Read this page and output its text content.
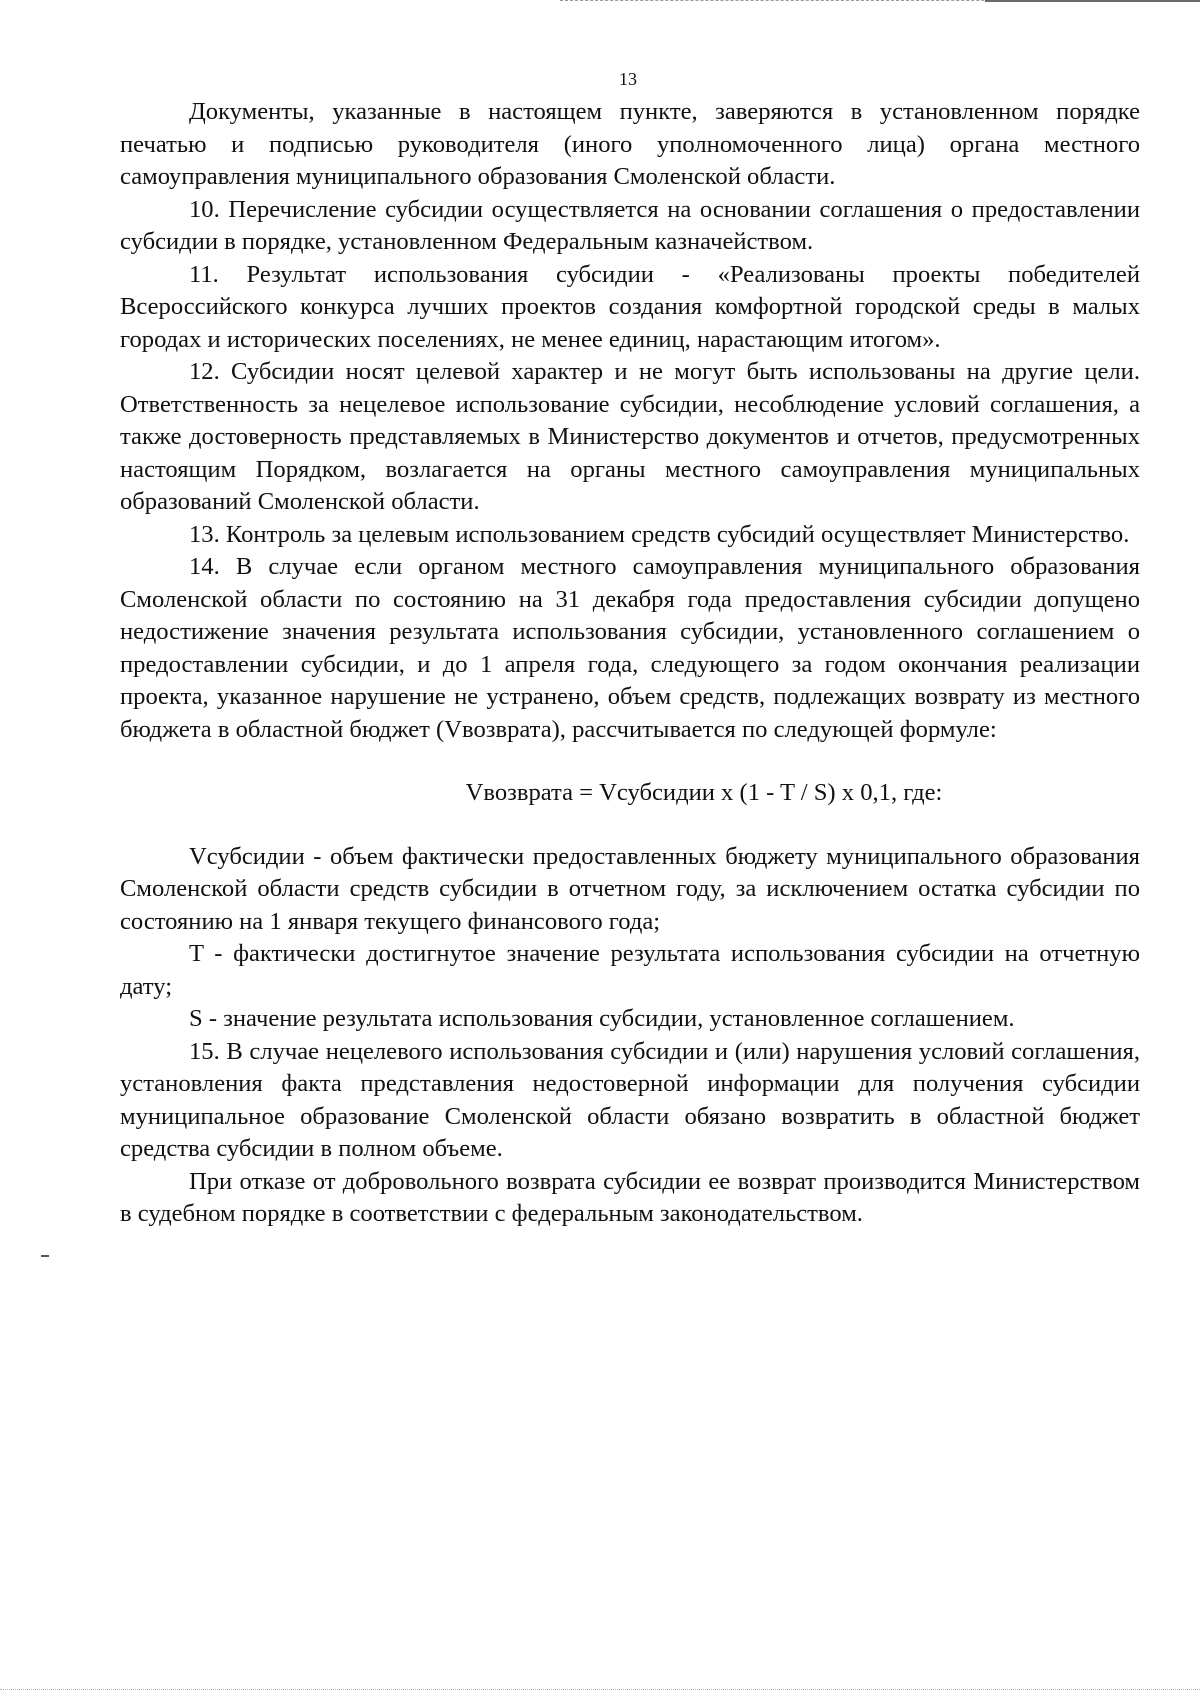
13

Документы, указанные в настоящем пункте, заверяются в установленном порядке печатью и подписью руководителя (иного уполномоченного лица) органа местного самоуправления муниципального образования Смоленской области.

10. Перечисление субсидии осуществляется на основании соглашения о предоставлении субсидии в порядке, установленном Федеральным казначейством.

11. Результат использования субсидии - «Реализованы проекты победителей Всероссийского конкурса лучших проектов создания комфортной городской среды в малых городах и исторических поселениях, не менее единиц, нарастающим итогом».

12. Субсидии носят целевой характер и не могут быть использованы на другие цели. Ответственность за нецелевое использование субсидии, несоблюдение условий соглашения, а также достоверность представляемых в Министерство документов и отчетов, предусмотренных настоящим Порядком, возлагается на органы местного самоуправления муниципальных образований Смоленской области.

13. Контроль за целевым использованием средств субсидий осуществляет Министерство.

14. В случае если органом местного самоуправления муниципального образования Смоленской области по состоянию на 31 декабря года предоставления субсидии допущено недостижение значения результата использования субсидии, установленного соглашением о предоставлении субсидии, и до 1 апреля года, следующего за годом окончания реализации проекта, указанное нарушение не устранено, объем средств, подлежащих возврату из местного бюджета в областной бюджет (Vвозврата), рассчитывается по следующей формуле:

Vвозврата = Vсубсидии x (1 - T / S) x 0,1, где:

Vсубсидии - объем фактически предоставленных бюджету муниципального образования Смоленской области средств субсидии в отчетном году, за исключением остатка субсидии по состоянию на 1 января текущего финансового года;

T - фактически достигнутое значение результата использования субсидии на отчетную дату;

S - значение результата использования субсидии, установленное соглашением.

15. В случае нецелевого использования субсидии и (или) нарушения условий соглашения, установления факта представления недостоверной информации для получения субсидии муниципальное образование Смоленской области обязано возвратить в областной бюджет средства субсидии в полном объеме.

При отказе от добровольного возврата субсидии ее возврат производится Министерством в судебном порядке в соответствии с федеральным законодательством.
